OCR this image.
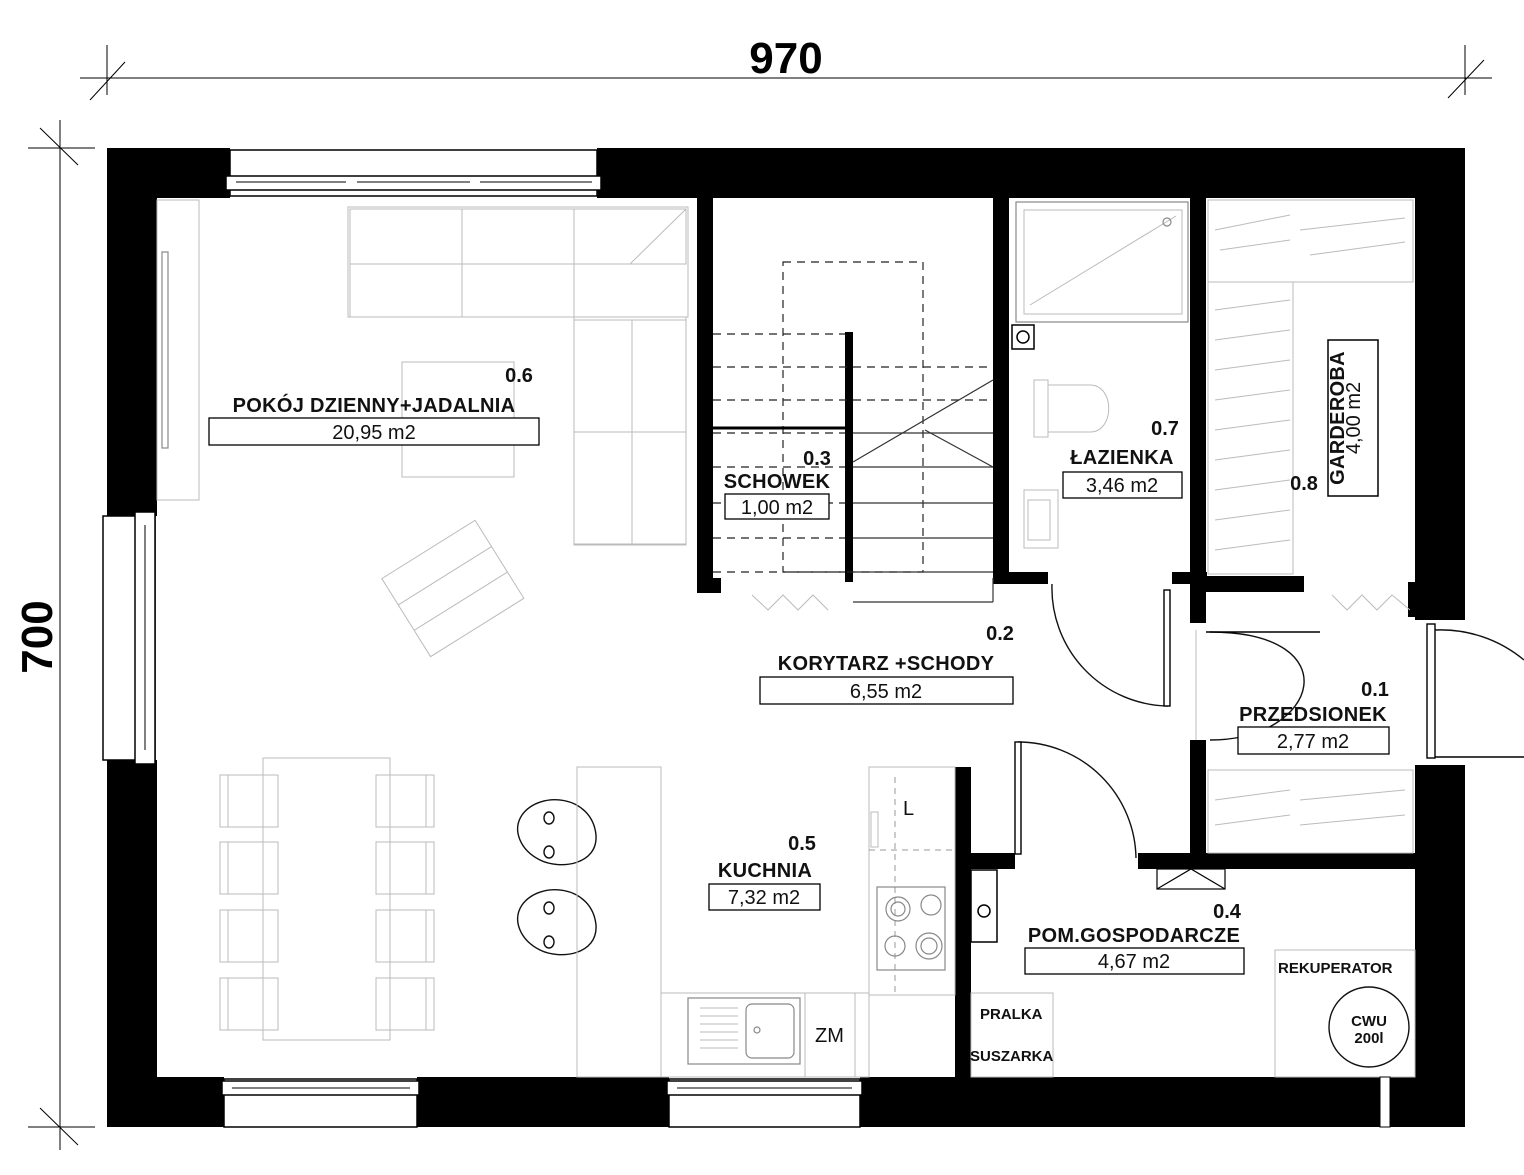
970
700
ZM
L
PRALKA
SUSZARKA
REKUPERATOR
CWU
200l
0.6
POKÓJ DZIENNY+JADALNIA
20,95 m2
0.3
SCHOWEK
1,00 m2
0.7
ŁAZIENKA
3,46 m2	0.8 GARDEROBA
4,00 m2
0.2
KORYTARZ +SCHODY
6,55 m2	0.1
PRZEDSIONEK
2,77 m2
0.5
KUCHNIA
7,32 m2
0.4
POM.GOSPODARCZE
4,67 m2
